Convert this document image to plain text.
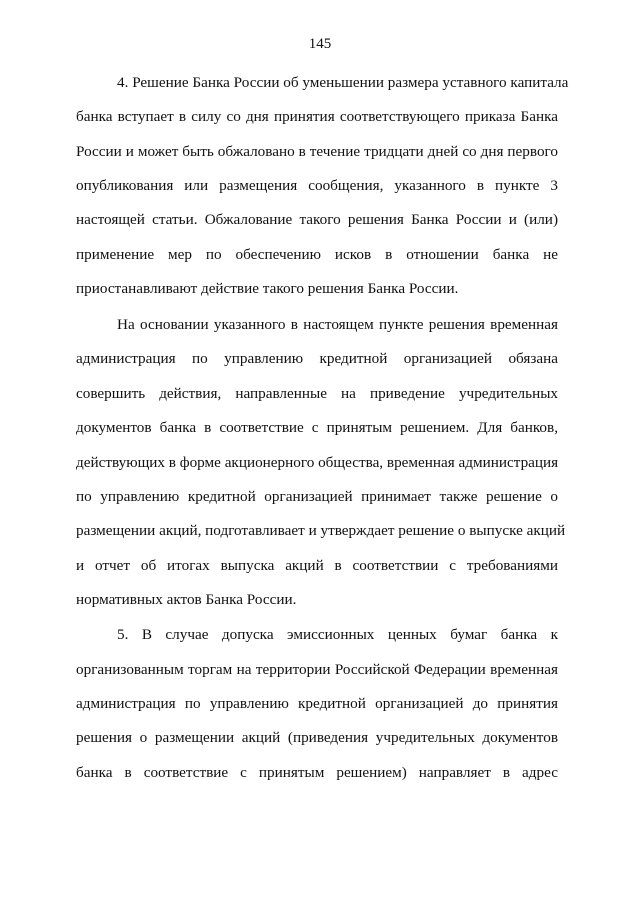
145
4. Решение Банка России об уменьшении размера уставного капитала
банка вступает в силу со дня принятия соответствующего приказа Банка
России и может быть обжаловано в течение тридцати дней со дня первого
опубликования или размещения сообщения, указанного в пункте 3
настоящей статьи. Обжалование такого решения Банка России и (или)
применение мер по обеспечению исков в отношении банка не
приостанавливают действие такого решения Банка России.
На основании указанного в настоящем пункте решения временная
администрация по управлению кредитной организацией обязана
совершить действия, направленные на приведение учредительных
документов банка в соответствие с принятым решением. Для банков,
действующих в форме акционерного общества, временная администрация
по управлению кредитной организацией принимает также решение о
размещении акций, подготавливает и утверждает решение о выпуске акций
и отчет об итогах выпуска акций в соответствии с требованиями
нормативных актов Банка России.
5. В случае допуска эмиссионных ценных бумаг банка к
организованным торгам на территории Российской Федерации временная
администрация по управлению кредитной организацией до принятия
решения о размещении акций (приведения учредительных документов
банка в соответствие с принятым решением) направляет в адрес
